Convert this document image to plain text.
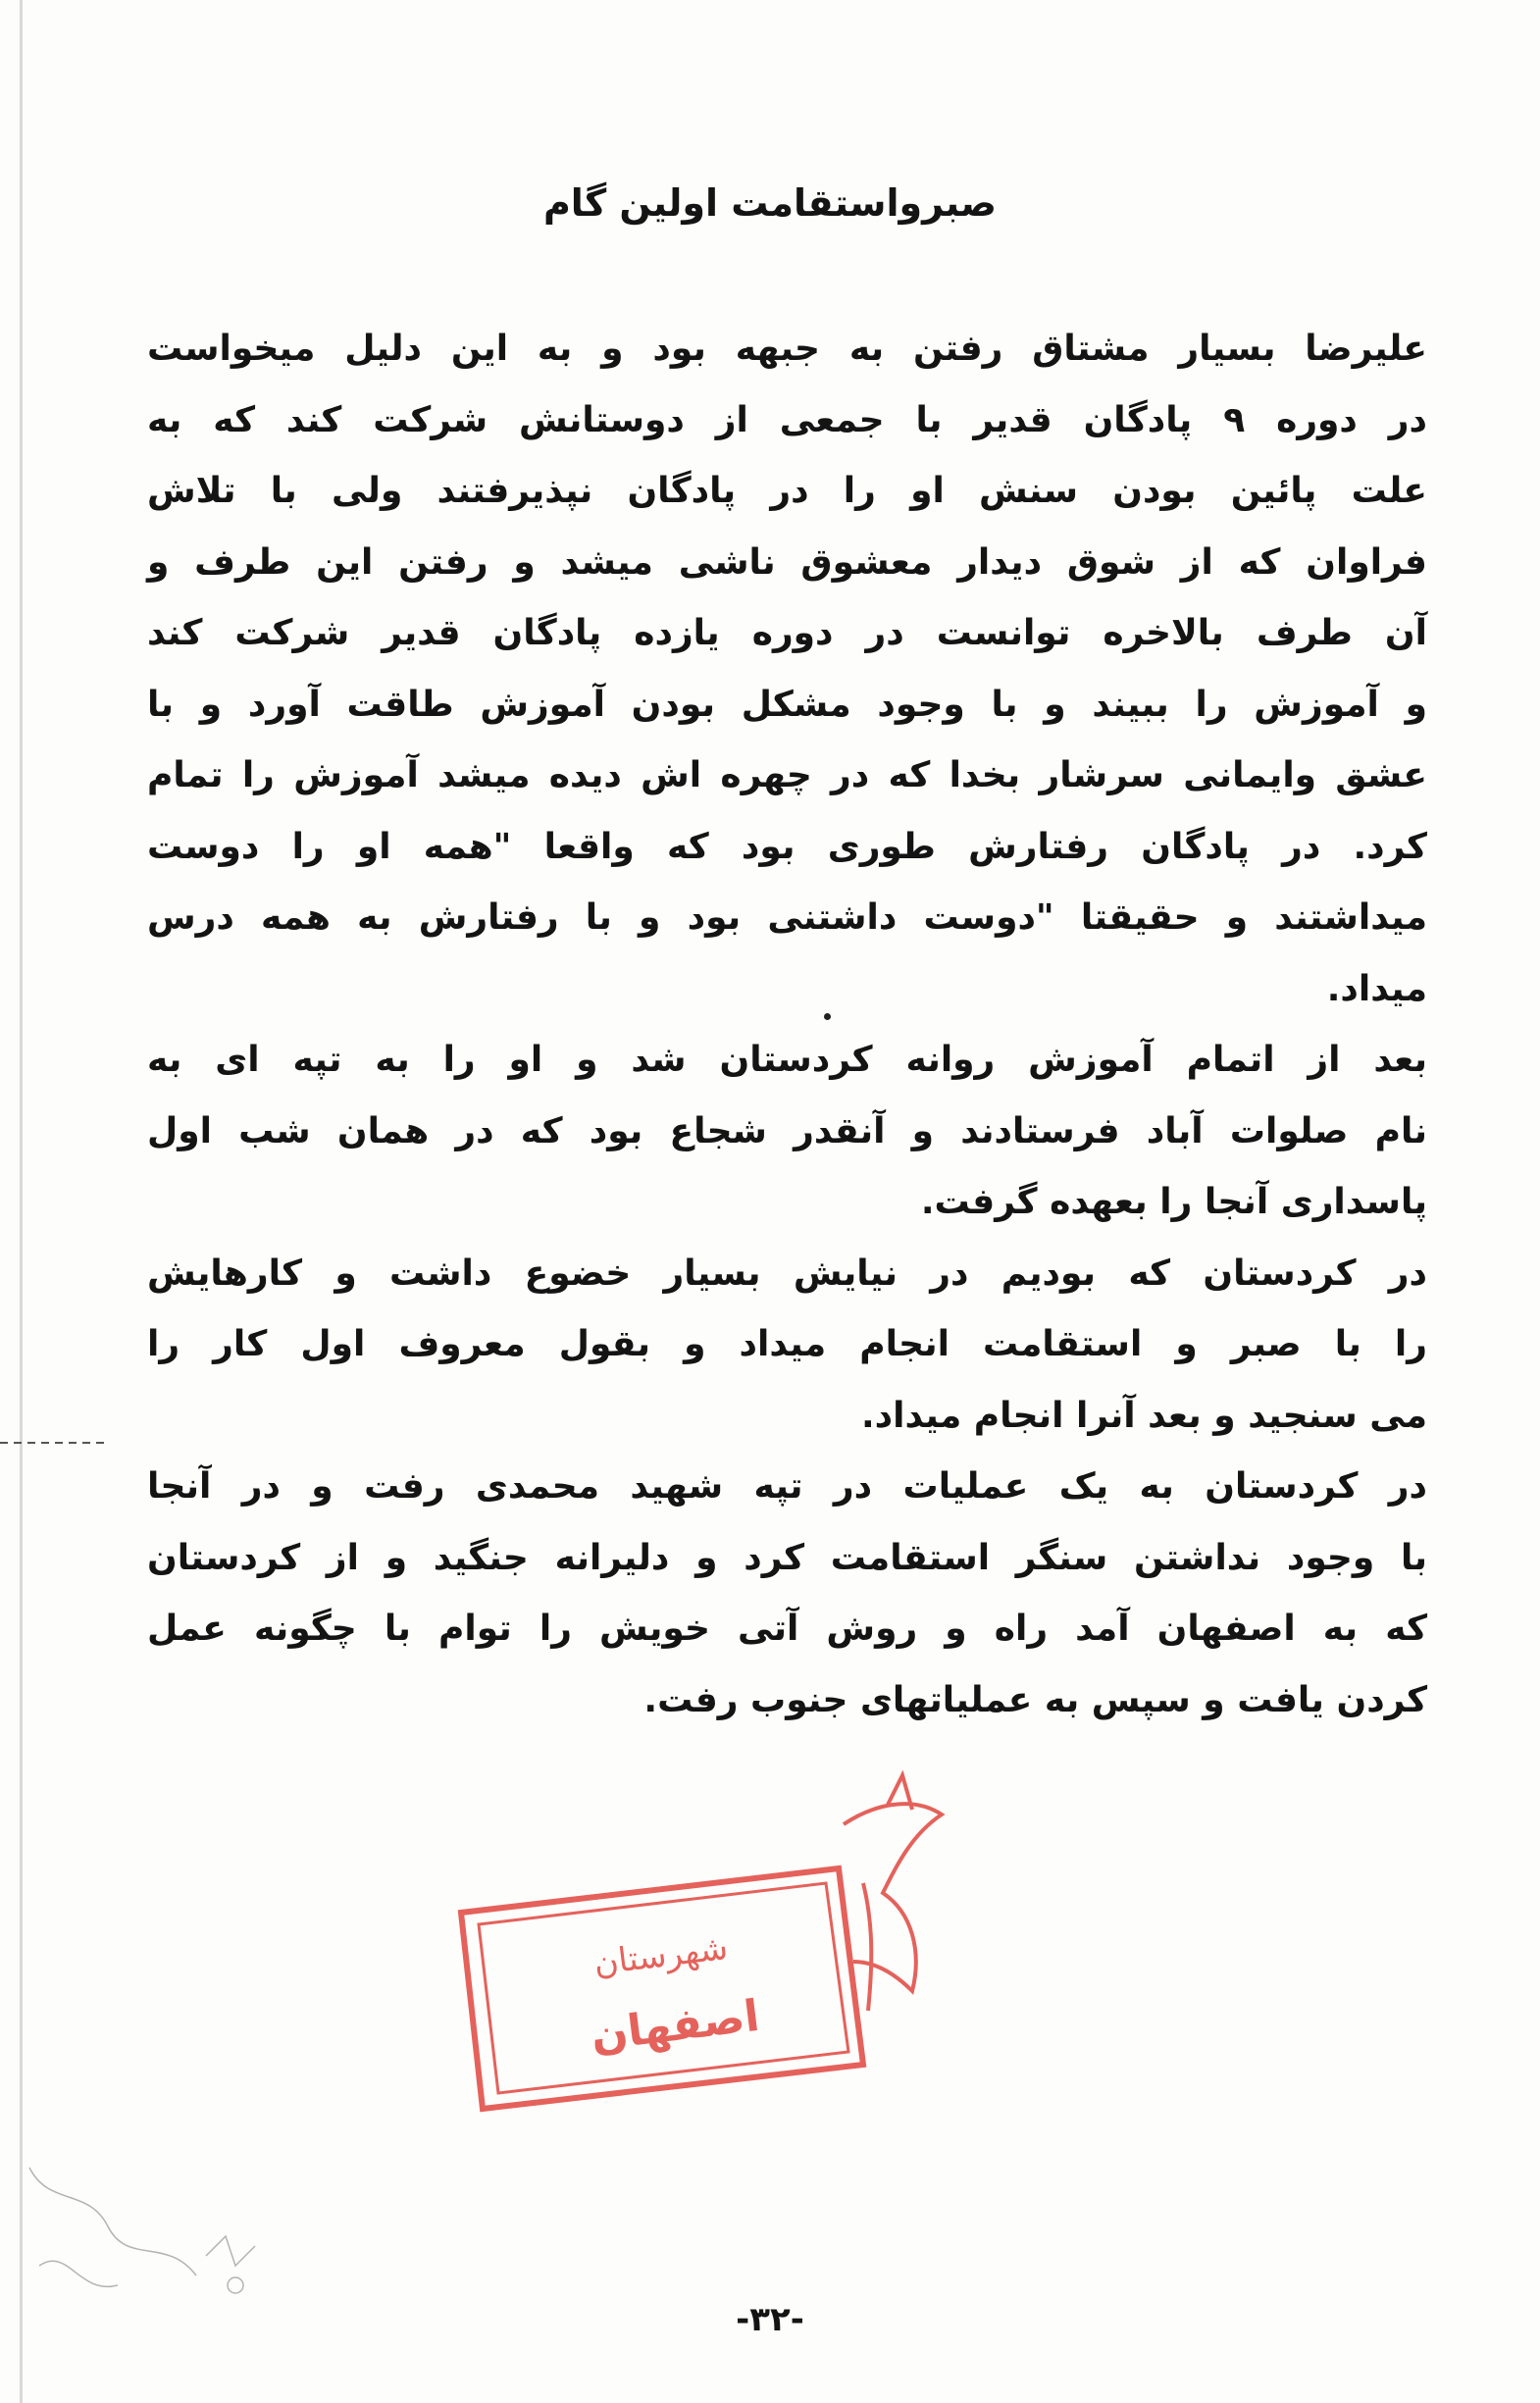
صبرواستقامت اولین گام
علیرضا بسیار مشتاق رفتن به جبهه بود و به این دلیل میخواست
در دوره ۹ پادگان قدیر با جمعی از دوستانش شرکت کند که به
علت پائین بودن سنش او را در پادگان نپذیرفتند ولی با تلاش
فراوان که از شوق دیدار معشوق ناشی میشد و رفتن این طرف و
آن طرف بالاخره توانست در دوره یازده پادگان قدیر شرکت کند
و آموزش را ببیند و با وجود مشکل بودن آموزش طاقت آورد و با
عشق وایمانی سرشار بخدا که در چهره اش دیده میشد آموزش را تمام
کرد. در پادگان رفتارش طوری بود که واقعا "همه او را دوست
میداشتند و حقیقتا "دوست داشتنی بود و با رفتارش به همه درس
میداد.
بعد از اتمام آموزش روانه کردستان شد و او را به تپه ای به
نام صلوات آباد فرستادند و آنقدر شجاع بود که در همان شب اول
پاسداری آنجا را بعهده گرفت.
در کردستان که بودیم در نیایش بسیار خضوع داشت و کارهایش
را با صبر و استقامت انجام میداد و بقول معروف اول کار را
می سنجید و بعد آنرا انجام میداد.
در کردستان به یک عملیات در تپه شهید محمدی رفت و در آنجا
با وجود نداشتن سنگر استقامت کرد و دلیرانه جنگید و از کردستان
که به اصفهان آمد راه و روش آتی خویش را توام با چگونه عمل
کردن یافت و سپس به عملیاتهای جنوب رفت.
شهرستان
اصفهان
-۳۲-
